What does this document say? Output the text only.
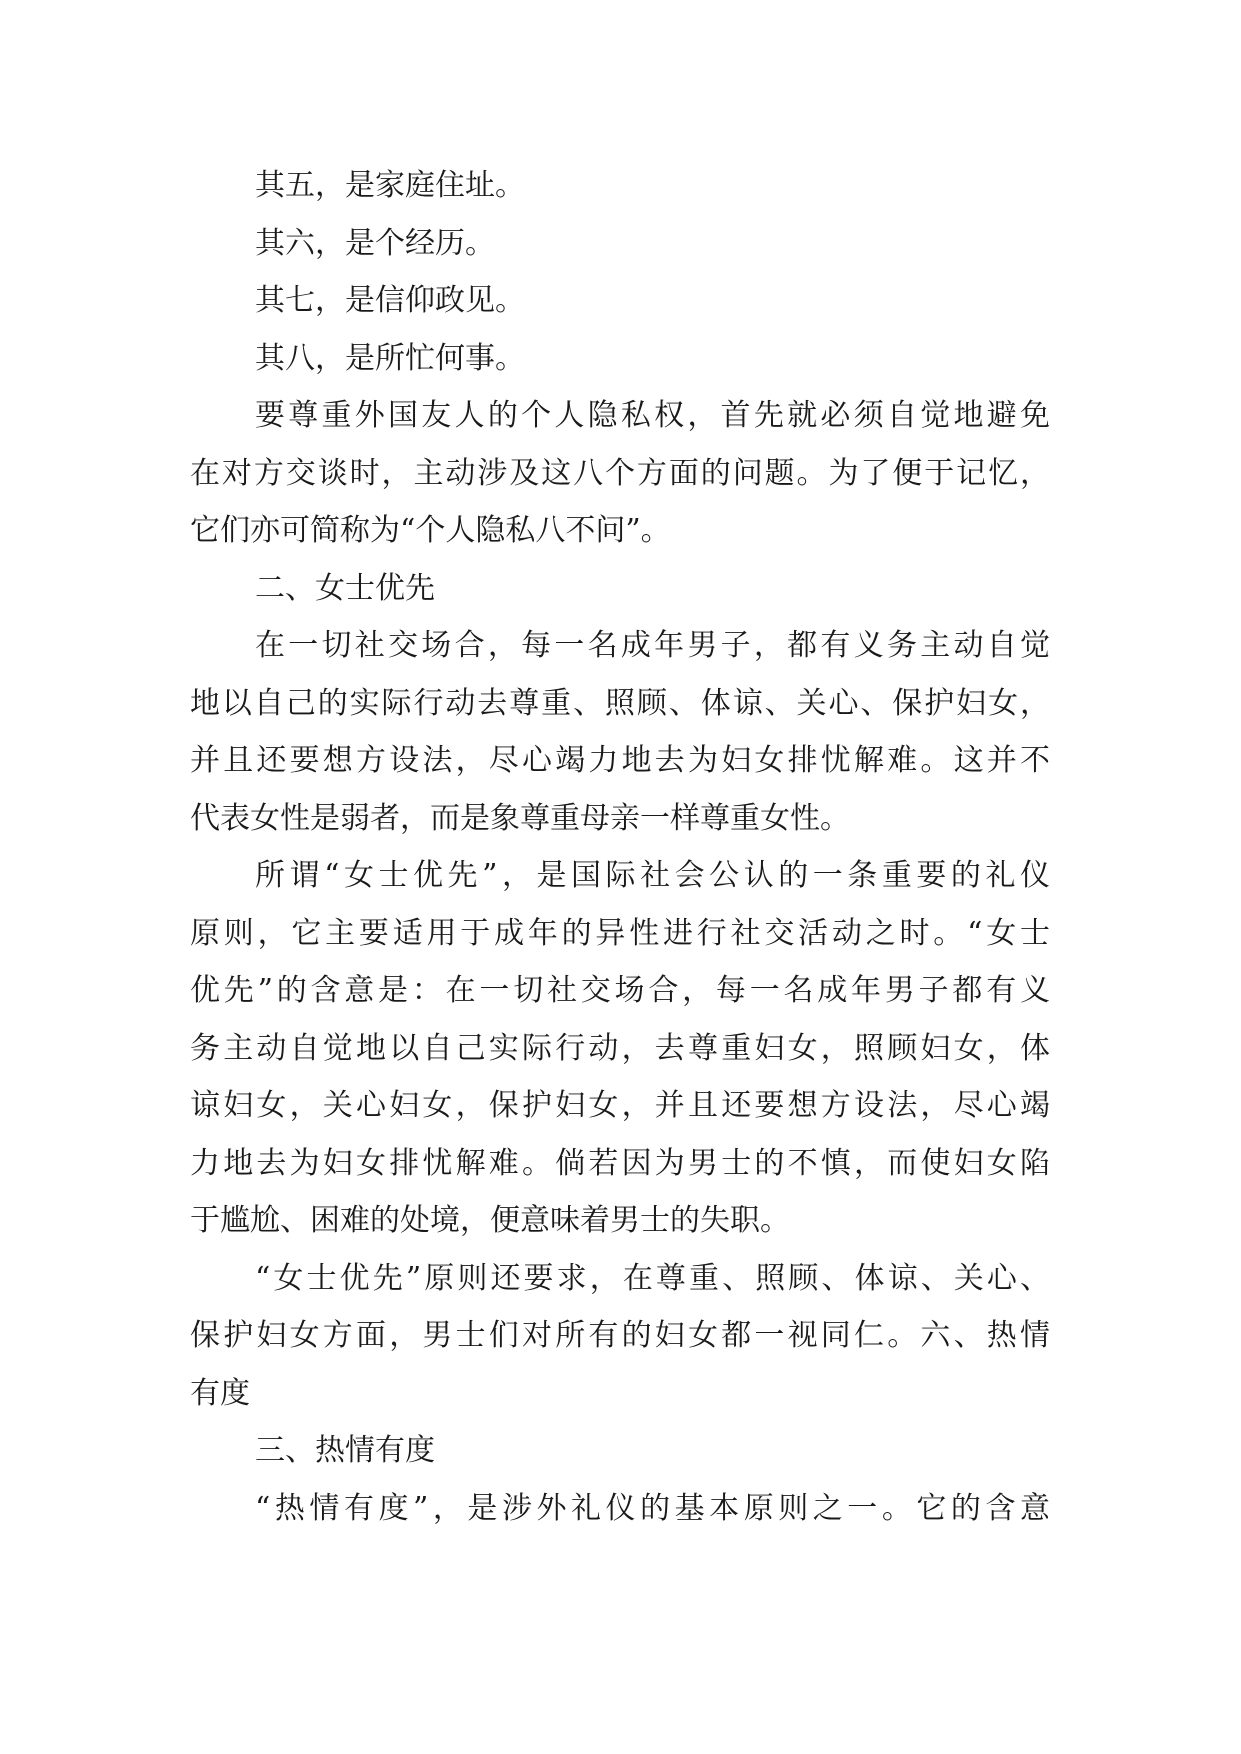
其五，是家庭住址。
其六，是个经历。
其七，是信仰政见。
其八，是所忙何事。
要尊重外国友人的个人隐私权，首先就必须自觉地避免
在对方交谈时，主动涉及这八个方面的问题。为了便于记忆，
它们亦可简称为“个人隐私八不问”。
二、女士优先
在一切社交场合，每一名成年男子，都有义务主动自觉
地以自己的实际行动去尊重、照顾、体谅、关心、保护妇女，
并且还要想方设法，尽心竭力地去为妇女排忧解难。这并不
代表女性是弱者，而是象尊重母亲一样尊重女性。
所谓“女士优先”，是国际社会公认的一条重要的礼仪
原则，它主要适用于成年的异性进行社交活动之时。“女士
优先”的含意是：在一切社交场合，每一名成年男子都有义
务主动自觉地以自己实际行动，去尊重妇女，照顾妇女，体
谅妇女，关心妇女，保护妇女，并且还要想方设法，尽心竭
力地去为妇女排忧解难。倘若因为男士的不慎，而使妇女陷
于尴尬、困难的处境，便意味着男士的失职。
“女士优先”原则还要求，在尊重、照顾、体谅、关心、
保护妇女方面，男士们对所有的妇女都一视同仁。六、热情
有度
三、热情有度
“热情有度”，是涉外礼仪的基本原则之一。它的含意
